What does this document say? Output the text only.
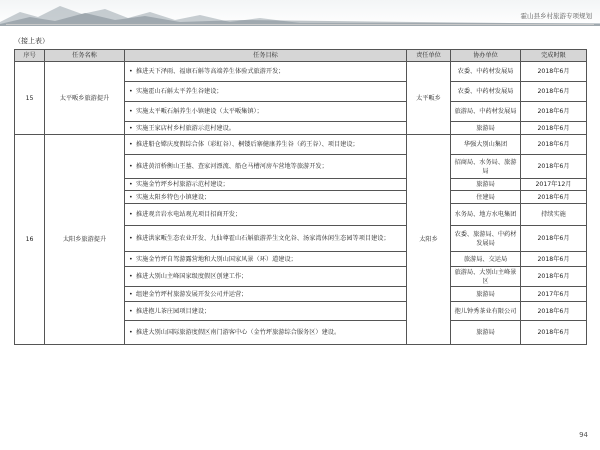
霍山县乡村旅游专项规划
（接上表）
序号	任务名称	任务目标	责任单位	协办单位	完成时限
15	太平畈乡旅游提升	• 推进天下泽雨、福康石斛等高端养生体验式旅游开发；	太平畈乡	农委、中药材发展局	2018年6月
		• 实施霍山石斛太平养生谷建设；		农委、中药材发展局	2018年6月
		• 实施太平畈石斛养生小镇建设（太平畈集镇）；		旅游局、中药材发展局	2018年6月
		• 实施王家店村乡村旅游示范村建设。		旅游局	2018年6月
16	太阳乡旅游提升	• 推进船仓嫦庆度假综合体（彩虹谷）、桐镂后寨健康养生谷（药王谷）、项目建设；	太阳乡	华强大别山集团	2018年6月
		• 推进黄沼桥衡山王墓、查家河漂流、船仓马槽河房车营地等旅游开发；		招商局、水务局、旅游局	2018年6月
		• 实施金竹坪乡村旅游示范村建设；		旅游局	2017年12月
		• 实施太阳乡特色小镇建设；		住建局	2018年6月
		• 推进观音岩水电站观光项目招商开发；		水务局、地方水电集团	持续实施
		• 推进洪家畈生态农业开发、九仙尊霍山石斛旅游养生文化谷、汤家湾休闲生态园等项目建设；		农委、旅游局、中药材发展局	2018年6月
		• 实施金竹坪自驾游露营地和大别山国家风景（环）道建设；		旅游局、交运局	2018年6月
		• 推进大别山主峰国家级度假区创建工作；		旅游局、大别山主峰景区	2018年6月
		• 组建金竹坪村旅游发展开发公司并运营；		旅游局	2017年6月
		• 推进抱儿茶庄园项目建设；		抱儿钟秀茶业有限公司	2018年6月
		• 推进大别山国际旅游度假区南门游客中心（金竹坪旅游综合服务区）建设。		旅游局	2018年6月
94
